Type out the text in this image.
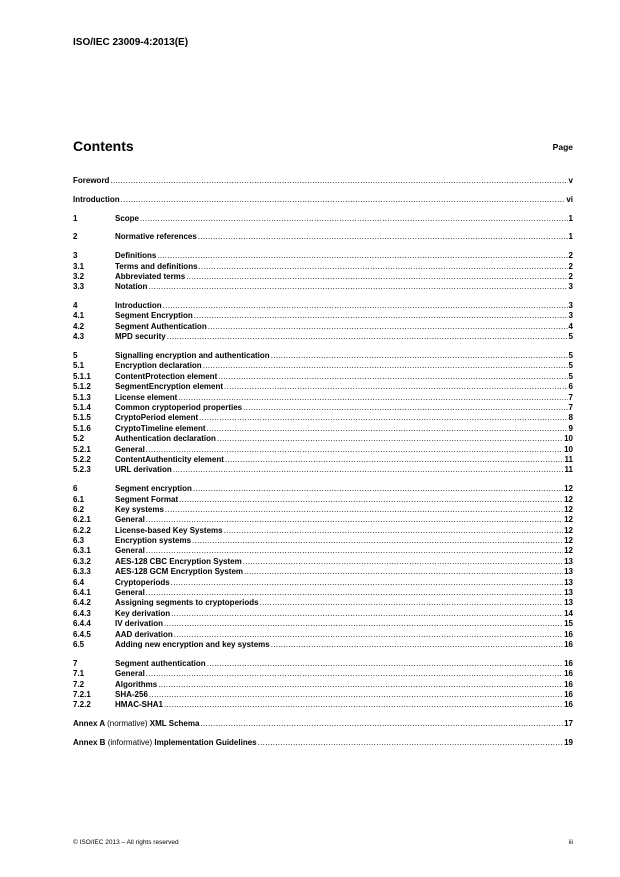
ISO/IEC 23009-4:2013(E)
Contents	Page
Foreword .....	v
Introduction .....	vi
1	Scope .....	1
2	Normative references .....	1
3	Definitions .....	2
3.1	Terms and definitions .....	2
3.2	Abbreviated terms .....	2
3.3	Notation .....	3
4	Introduction .....	3
4.1	Segment Encryption .....	3
4.2	Segment Authentication .....	4
4.3	MPD security .....	5
5	Signalling encryption and authentication .....	5
5.1	Encryption declaration .....	5
5.1.1	ContentProtection element .....	5
5.1.2	SegmentEncryption element .....	6
5.1.3	License element .....	7
5.1.4	Common cryptoperiod properties .....	7
5.1.5	CryptoPeriod element .....	8
5.1.6	CryptoTimeline element .....	9
5.2	Authentication declaration .....	10
5.2.1	General .....	10
5.2.2	ContentAuthenticity element .....	11
5.2.3	URL derivation .....	11
6	Segment encryption .....	12
6.1	Segment Format .....	12
6.2	Key systems .....	12
6.2.1	General .....	12
6.2.2	License-based Key Systems .....	12
6.3	Encryption systems .....	12
6.3.1	General .....	12
6.3.2	AES-128 CBC Encryption System .....	13
6.3.3	AES-128 GCM Encryption System .....	13
6.4	Cryptoperiods .....	13
6.4.1	General .....	13
6.4.2	Assigning segments to cryptoperiods .....	13
6.4.3	Key derivation .....	14
6.4.4	IV derivation .....	15
6.4.5	AAD derivation .....	16
6.5	Adding new encryption and key systems .....	16
7	Segment authentication .....	16
7.1	General .....	16
7.2	Algorithms .....	16
7.2.1	SHA-256 .....	16
7.2.2	HMAC-SHA1 .....	16
Annex A (normative) XML Schema .....	17
Annex B (informative) Implementation Guidelines .....	19
© ISO/IEC 2013 – All rights reserved	iii
